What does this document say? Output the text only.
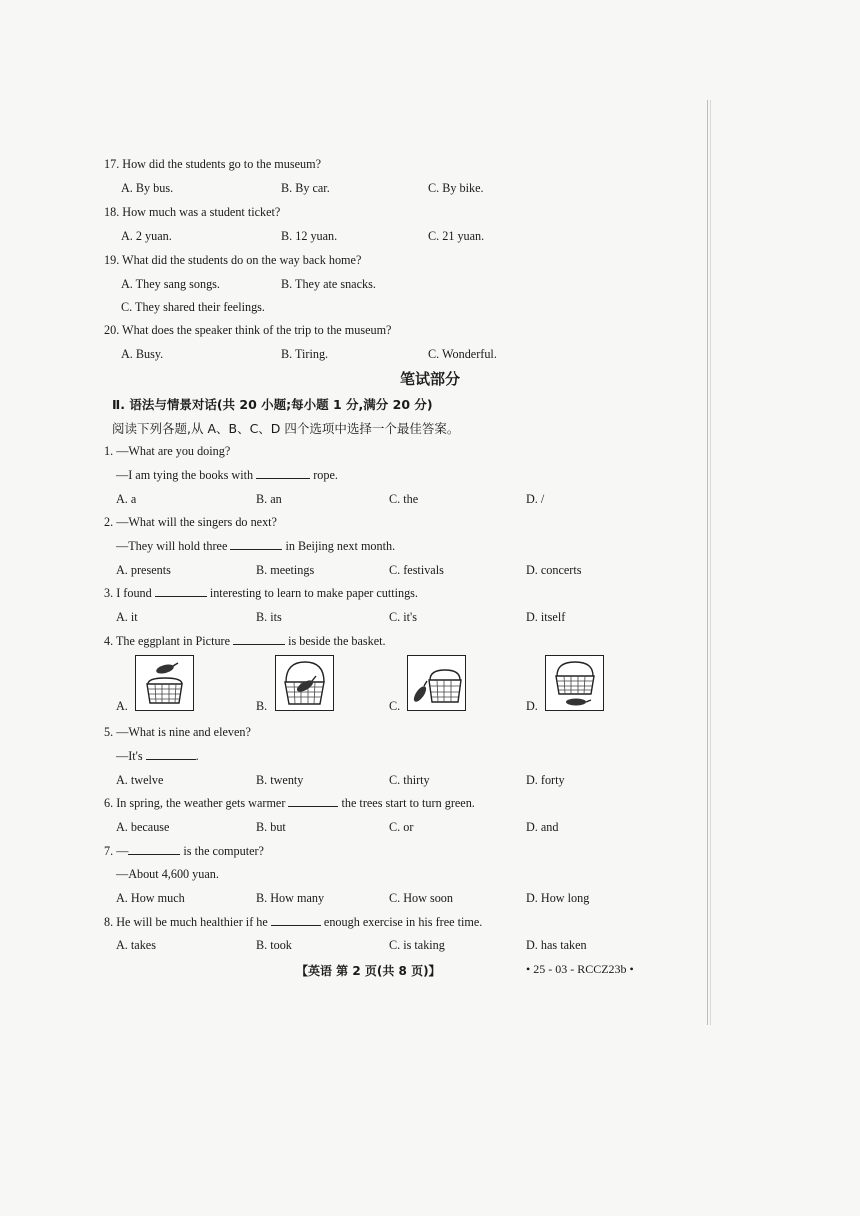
17. How did the students go to the museum?
A. By bus.	B. By car.	C. By bike.
18. How much was a student ticket?
A. 2 yuan.	B. 12 yuan.	C. 21 yuan.
19. What did the students do on the way back home?
A. They sang songs.	B. They ate snacks.
C. They shared their feelings.
20. What does the speaker think of the trip to the museum?
A. Busy.	B. Tiring.	C. Wonderful.
笔试部分
Ⅱ. 语法与情景对话(共 20 小题;每小题 1 分,满分 20 分)
阅读下列各题,从 A、B、C、D 四个选项中选择一个最佳答案。
1. —What are you doing?
—I am tying the books with	rope.
A. a	B. an	C. the	D. /
2. —What will the singers do next?
—They will hold three	in Beijing next month.
A. presents	B. meetings	C. festivals	D. concerts
3. I found	interesting to learn to make paper cuttings.
A. it	B. its	C. it's	D. itself
4. The eggplant in Picture	is beside the basket.
A.	B.	C.	D.
5. —What is nine and eleven?
—It's	.
A. twelve	B. twenty	C. thirty	D. forty
6. In spring, the weather gets warmer	the trees start to turn green.
A. because	B. but	C. or	D. and
7. —	is the computer?
—About 4,600 yuan.
A. How much	B. How many	C. How soon	D. How long
8. He will be much healthier if he	enough exercise in his free time.
A. takes	B. took	C. is taking	D. has taken
【英语 第 2 页(共 8 页)】	• 25 - 03 - RCCZ23b •
